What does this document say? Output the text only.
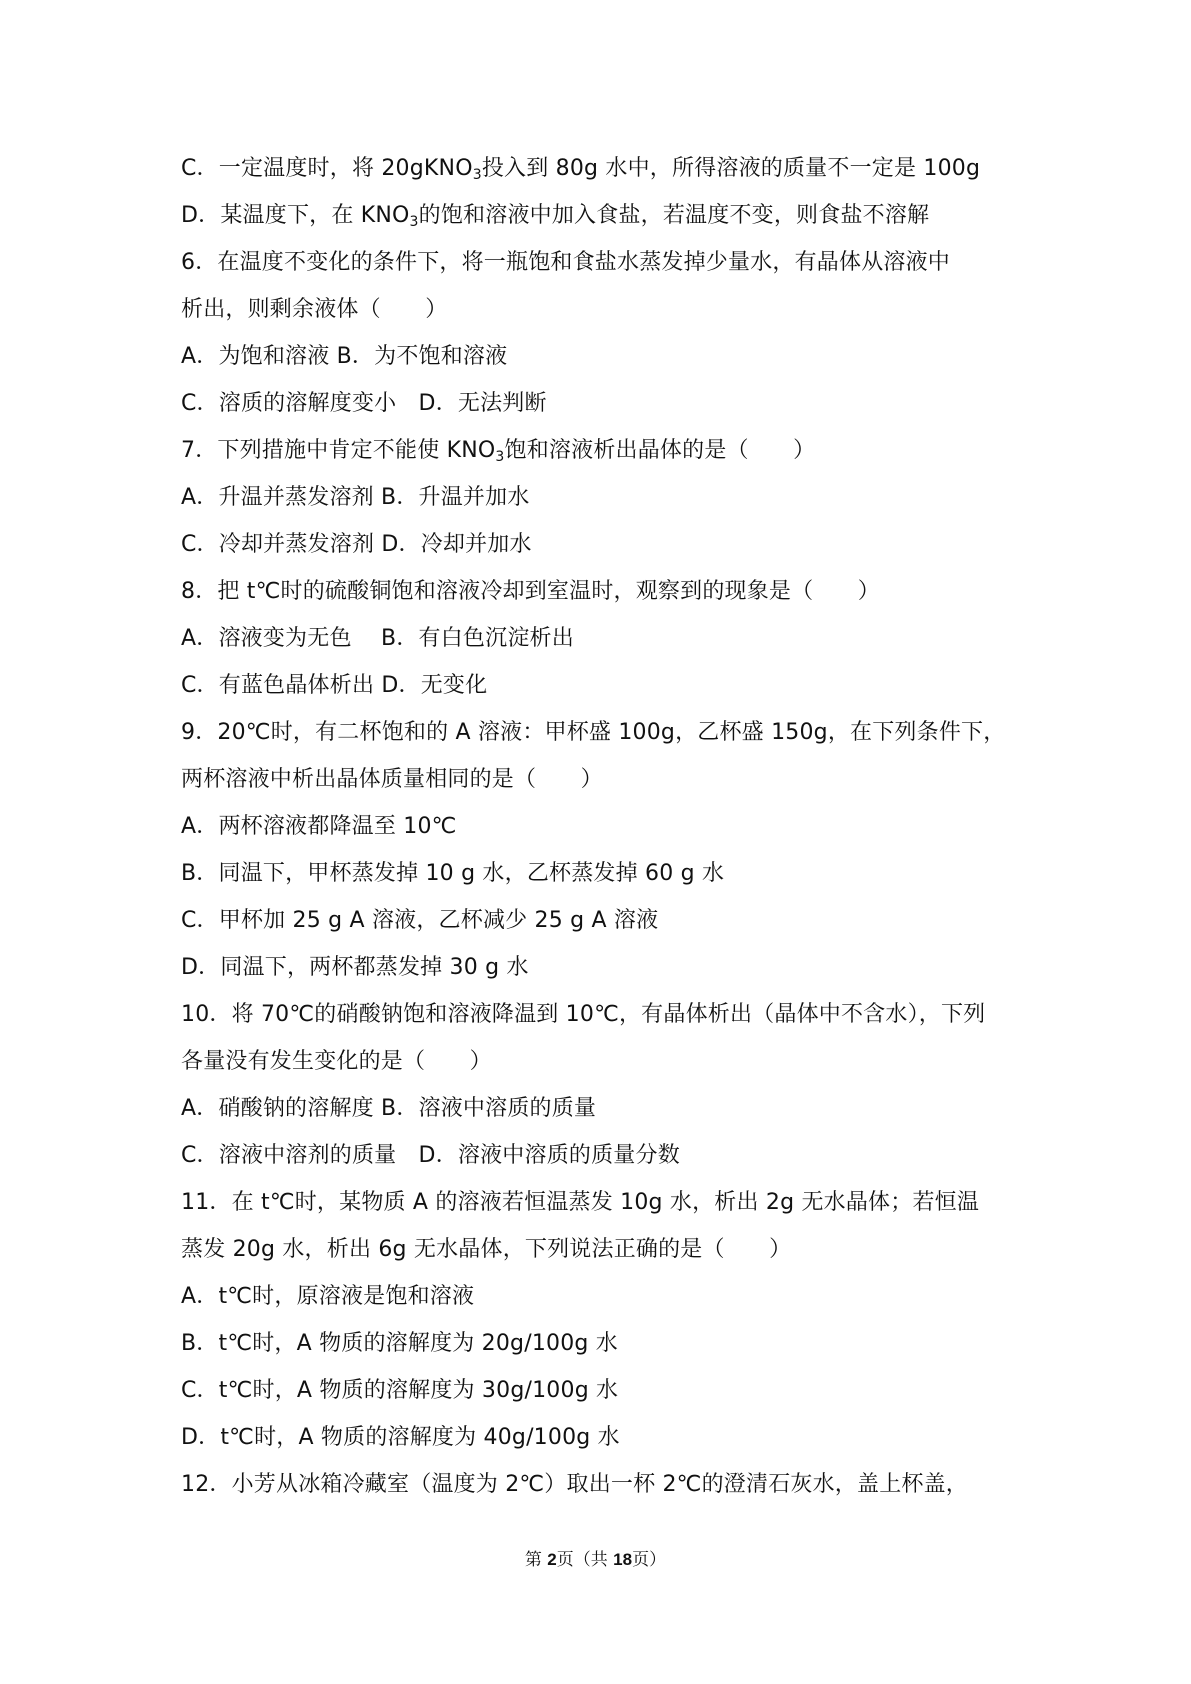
C．一定温度时，将 20gKNO$_3$投入到 80g 水中，所得溶液的质量不一定是 100g
D．某温度下，在 $KNO_3$的饱和溶液中加入食盐，若温度不变，则食盐不溶解
6．在温度不变化的条件下，将一瓶饱和食盐水蒸发掉少量水，有晶体从溶液中
析出，则剩余液体（　　）
A．为饱和溶液 B．为不饱和溶液
C．溶质的溶解度变小　D．无法判断
7．下列措施中肯定不能使 $KNO_3$饱和溶液析出晶体的是（　　）
A．升温并蒸发溶剂 B．升温并加水
C．冷却并蒸发溶剂 D．冷却并加水
8．把 t℃时的硫酸铜饱和溶液冷却到室温时，观察到的现象是（　　）
A．溶液变为无色　 B．有白色沉淀析出
C．有蓝色晶体析出 D．无变化
9．20℃时，有二杯饱和的 A 溶液：甲杯盛 100g，乙杯盛 150g，在下列条件下，
两杯溶液中析出晶体质量相同的是（　　）
A．两杯溶液都降温至 10℃
B．同温下，甲杯蒸发掉 10 g 水，乙杯蒸发掉 60 g 水
C．甲杯加 25 g A 溶液，乙杯减少 25 g A 溶液
D．同温下，两杯都蒸发掉 30 g 水
10．将 70℃的硝酸钠饱和溶液降温到 10℃，有晶体析出（晶体中不含水），下列
各量没有发生变化的是（　　）
A．硝酸钠的溶解度 B．溶液中溶质的质量
C．溶液中溶剂的质量　D．溶液中溶质的质量分数
11．在 t℃时，某物质 A 的溶液若恒温蒸发 10g 水，析出 2g 无水晶体；若恒温
蒸发 20g 水，析出 6g 无水晶体，下列说法正确的是（　　）
A．t℃时，原溶液是饱和溶液
B．t℃时，A 物质的溶解度为 20g/100g 水
C．t℃时，A 物质的溶解度为 30g/100g 水
D．t℃时，A 物质的溶解度为 40g/100g 水
12．小芳从冰箱冷藏室（温度为 2℃）取出一杯 2℃的澄清石灰水，盖上杯盖，
第 2页（共 18页）
